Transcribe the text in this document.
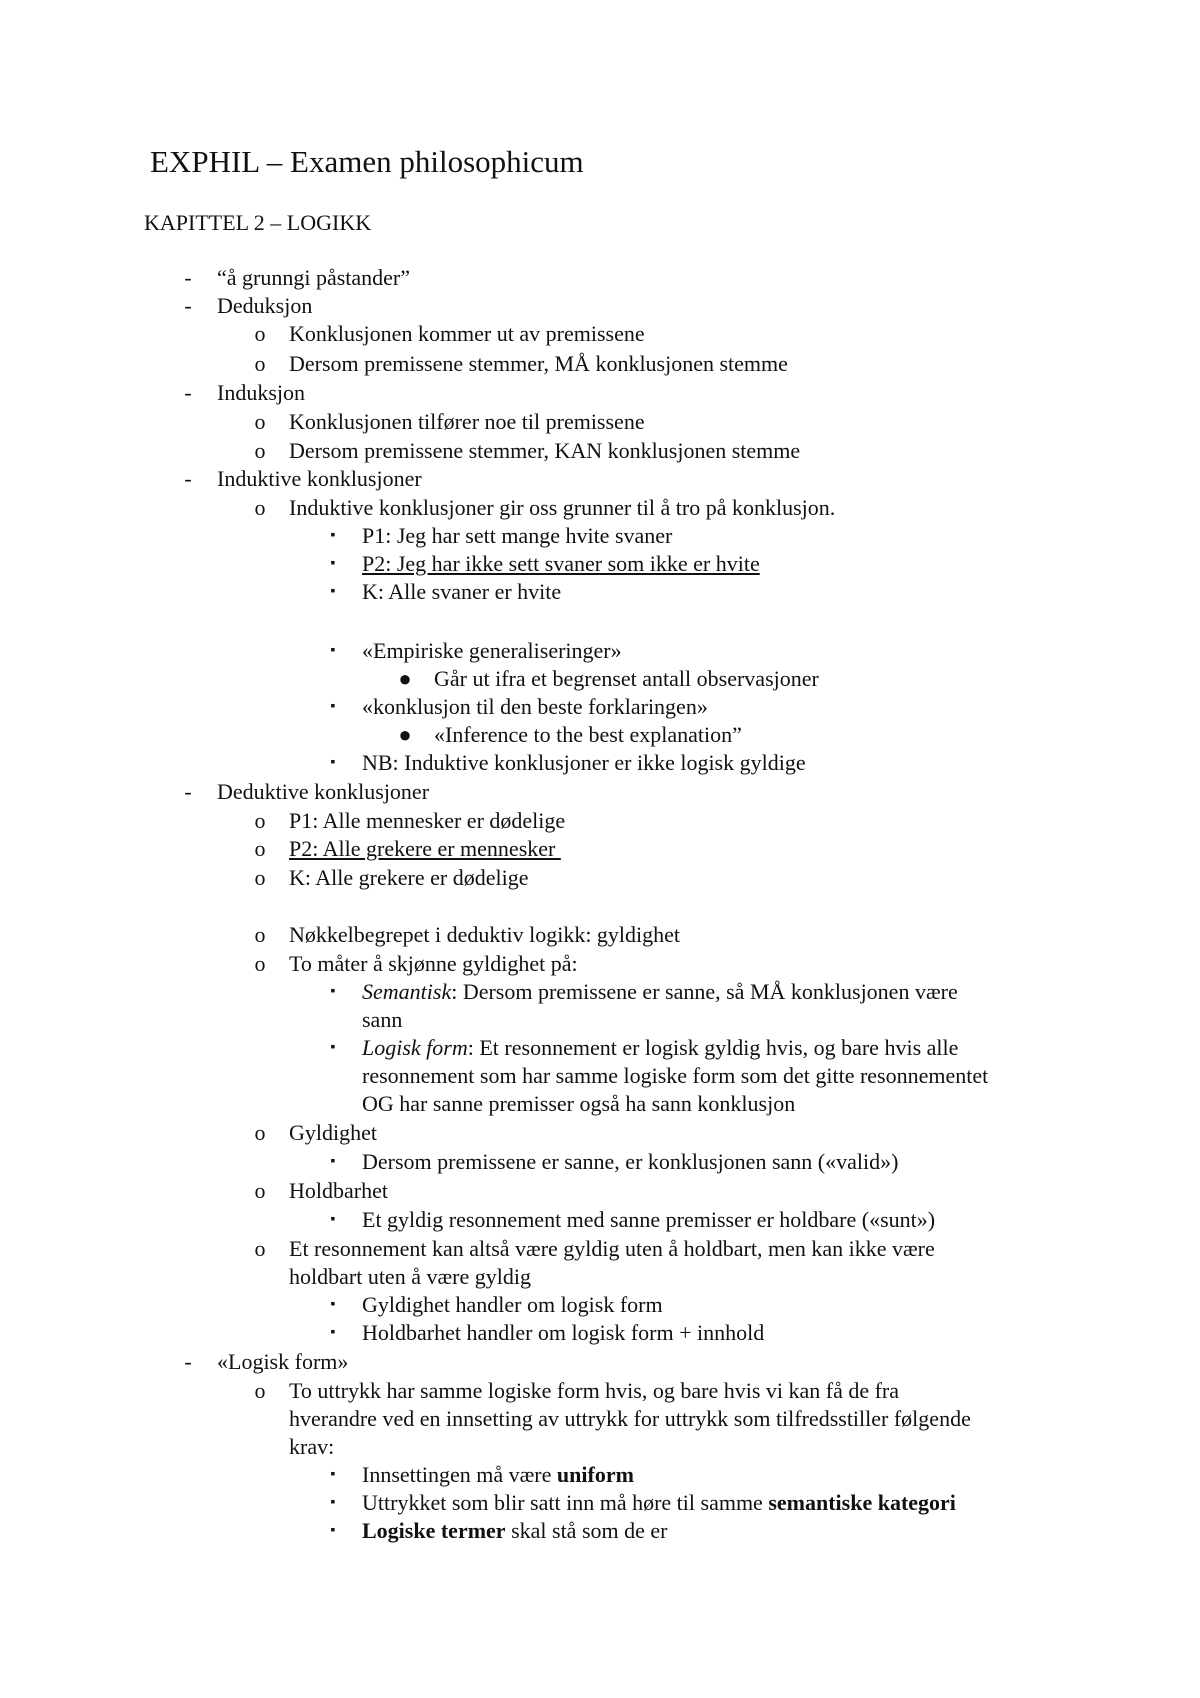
EXPHIL – Examen philosophicum
KAPITTEL 2 – LOGIKK
- “å grunngi påstander”
- Deduksjon
o Konklusjonen kommer ut av premissene
o Dersom premissene stemmer, MÅ konklusjonen stemme
- Induksjon
o Konklusjonen tilfører noe til premissene
o Dersom premissene stemmer, KAN konklusjonen stemme
- Induktive konklusjoner
o Induktive konklusjoner gir oss grunner til å tro på konklusjon.
▪ P1: Jeg har sett mange hvite svaner
▪ P2: Jeg har ikke sett svaner som ikke er hvite
▪ K: Alle svaner er hvite
▪ «Empiriske generaliseringer»
● Går ut ifra et begrenset antall observasjoner
▪ «konklusjon til den beste forklaringen»
● «Inference to the best explanation”
▪ NB: Induktive konklusjoner er ikke logisk gyldige
- Deduktive konklusjoner
o P1: Alle mennesker er dødelige
o P2: Alle grekere er mennesker
o K: Alle grekere er dødelige
o Nøkkelbegrepet i deduktiv logikk: gyldighet
o To måter å skjønne gyldighet på:
▪ Semantisk: Dersom premissene er sanne, så MÅ konklusjonen være
sann
▪ Logisk form: Et resonnement er logisk gyldig hvis, og bare hvis alle
resonnement som har samme logiske form som det gitte resonnementet
OG har sanne premisser også ha sann konklusjon
o Gyldighet
▪ Dersom premissene er sanne, er konklusjonen sann («valid»)
o Holdbarhet
▪ Et gyldig resonnement med sanne premisser er holdbare («sunt»)
o Et resonnement kan altså være gyldig uten å holdbart, men kan ikke være
holdbart uten å være gyldig
▪ Gyldighet handler om logisk form
▪ Holdbarhet handler om logisk form + innhold
- «Logisk form»
o To uttrykk har samme logiske form hvis, og bare hvis vi kan få de fra
hverandre ved en innsetting av uttrykk for uttrykk som tilfredsstiller følgende
krav:
▪ Innsettingen må være uniform
▪ Uttrykket som blir satt inn må høre til samme semantiske kategori
▪ Logiske termer skal stå som de er
